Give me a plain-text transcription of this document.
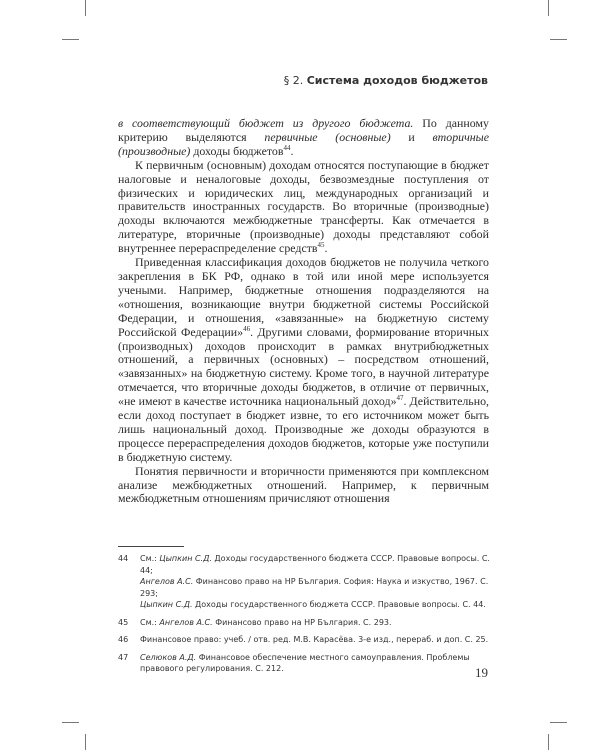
§ 2. Система доходов бюджетов

в соответствующий бюджет из другого бюджета. По данному критерию выделяются первичные (основные) и вторичные (производные) доходы бюджетов$^{44}$.

К первичным (основным) доходам относятся поступающие в бюджет налоговые и неналоговые доходы, безвозмездные поступления от физических и юридических лиц, международных организаций и правительств иностранных государств. Во вторичные (производные) доходы включаются межбюджетные трансферты. Как отмечается в литературе, вторичные (производные) доходы представляют собой внутреннее перераспределение средств$^{45}$.

Приведенная классификация доходов бюджетов не получила четкого закрепления в БК РФ, однако в той или иной мере используется учеными. Например, бюджетные отношения подразделяются на «отношения, возникающие внутри бюджетной системы Российской Федерации, и отношения, «завязанные» на бюджетную систему Российской Федерации»$^{46}$. Другими словами, формирование вторичных (производных) доходов происходит в рамках внутрибюджетных отношений, а первичных (основных) – посредством отношений, «завязанных» на бюджетную систему. Кроме того, в научной литературе отмечается, что вторичные доходы бюджетов, в отличие от первичных, «не имеют в качестве источника национальный доход»$^{47}$. Действительно, если доход поступает в бюджет извне, то его источником может быть лишь национальный доход. Производные же доходы образуются в процессе перераспределения доходов бюджетов, которые уже поступили в бюджетную систему.

Понятия первичности и вторичности применяются при комплексном анализе межбюджетных отношений. Например, к первичным межбюджетным отношениям причисляют отношения

44	См.: Цыпкин С.Д. Доходы государственного бюджета СССР. Правовые вопросы. С. 44;
Ангелов А.С. Финансово право на НР България. София: Наука и изкуство, 1967. С. 293;
Цыпкин С.Д. Доходы государственного бюджета СССР. Правовые вопросы. С. 44.
45	См.: Ангелов А.С. Финансово право на НР България. С. 293.
46	Финансовое право: учеб. / отв. ред. М.В. Карасёва. 3-е изд., перераб. и доп. С. 25.
47	Селюков А.Д. Финансовое обеспечение местного самоуправления. Проблемы правового регулирования. С. 212.	19
